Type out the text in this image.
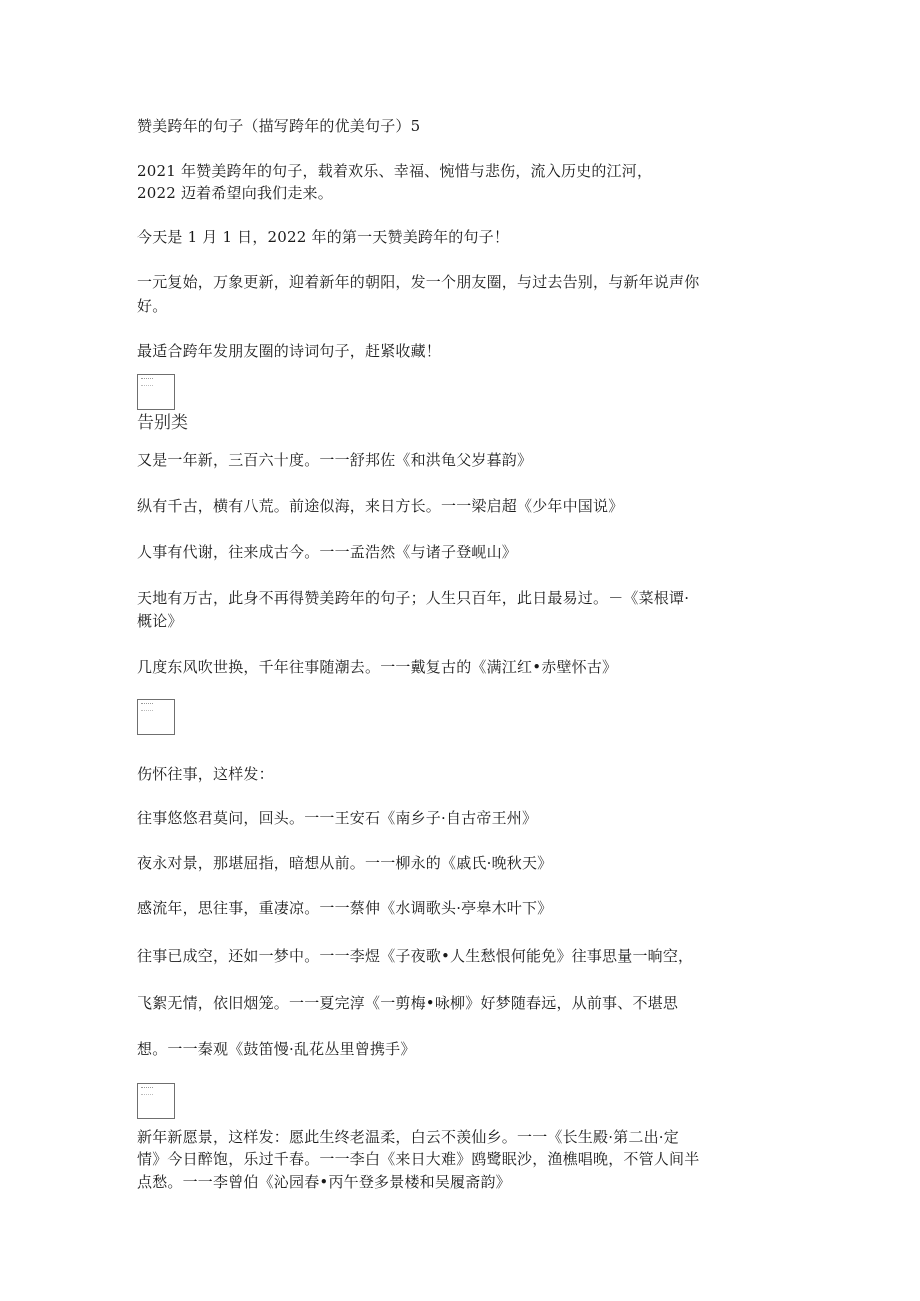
赞美跨年的句子（描写跨年的优美句子）5
2021 年赞美跨年的句子，载着欢乐、幸福、惋惜与悲伤，流入历史的江河，
2022 迈着希望向我们走来。
今天是 1 月 1 日，2022 年的第一天赞美跨年的句子！
一元复始，万象更新，迎着新年的朝阳，发一个朋友圈，与过去告别，与新年说声你
好。
最适合跨年发朋友圈的诗词句子，赶紧收藏！
告别类
又是一年新，三百六十度。一一舒邦佐《和洪龟父岁暮韵》
纵有千古，横有八荒。前途似海，来日方长。一一梁启超《少年中国说》
人事有代谢，往来成古今。一一孟浩然《与诸子登岘山》
天地有万古，此身不再得赞美跨年的句子；人生只百年，此日最易过。－《菜根谭·
概论》
几度东风吹世换，千年往事随潮去。一一戴复古的《满江红•赤壁怀古》
伤怀往事，这样发：
往事悠悠君莫问，回头。一一王安石《南乡子·自古帝王州》
夜永对景，那堪屈指，暗想从前。一一柳永的《戚氏·晚秋天》
感流年，思往事，重凄凉。一一蔡伸《水调歌头·亭皋木叶下》
往事已成空，还如一梦中。一一李煜《子夜歌•人生愁恨何能免》往事思量一晌空，
飞絮无情，依旧烟笼。一一夏完淳《一剪梅•咏柳》好梦随春远，从前事、不堪思
想。一一秦观《鼓笛慢·乱花丛里曾携手》
新年新愿景，这样发：愿此生终老温柔，白云不羡仙乡。一一《长生殿·第二出·定
情》今日醉饱，乐过千春。一一李白《来日大难》鸥鹭眠沙，渔樵唱晚，不管人间半
点愁。一一李曾伯《沁园春•丙午登多景楼和吴履斋韵》
